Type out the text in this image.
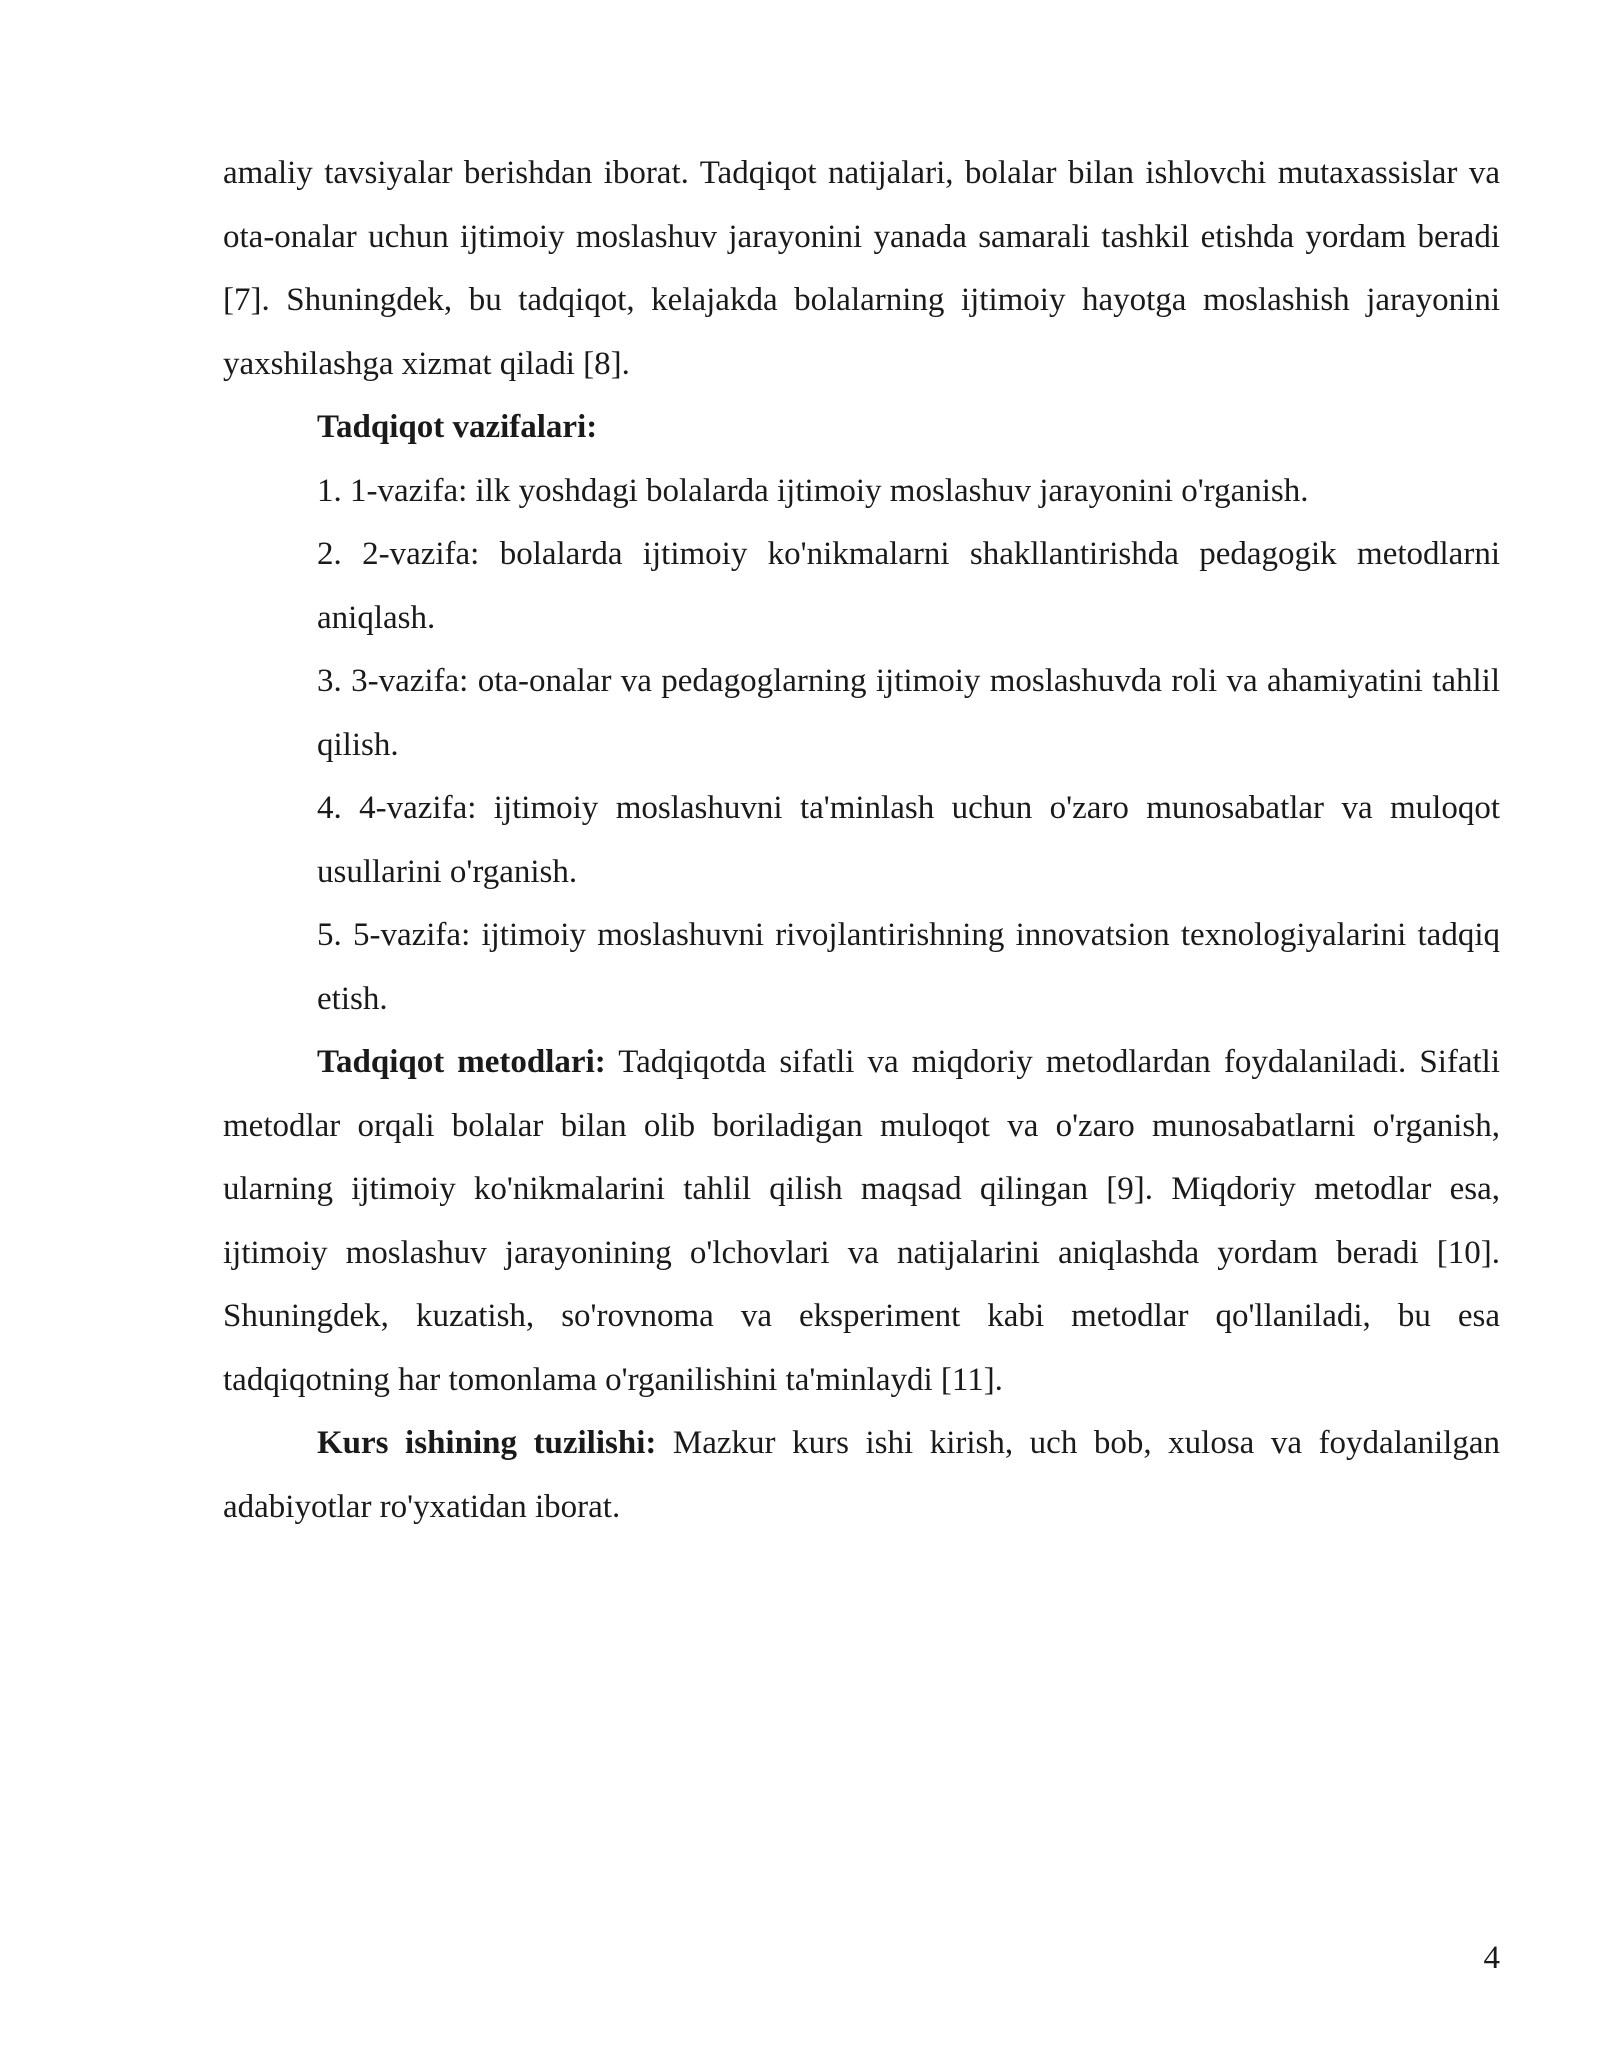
amaliy tavsiyalar berishdan iborat. Tadqiqot natijalari, bolalar bilan ishlovchi mutaxassislar va ota-onalar uchun ijtimoiy moslashuv jarayonini yanada samarali tashkil etishda yordam beradi [7]. Shuningdek, bu tadqiqot, kelajakda bolalarning ijtimoiy hayotga moslashish jarayonini yaxshilashga xizmat qiladi [8].

Tadqiqot vazifalari:

1. 1-vazifa: ilk yoshdagi bolalarda ijtimoiy moslashuv jarayonini o'rganish.

2. 2-vazifa: bolalarda ijtimoiy ko'nikmalarni shakllantirishda pedagogik metodlarni aniqlash.

3. 3-vazifa: ota-onalar va pedagoglarning ijtimoiy moslashuvda roli va ahamiyatini tahlil qilish.

4. 4-vazifa: ijtimoiy moslashuvni ta'minlash uchun o'zaro munosabatlar va muloqot usullarini o'rganish.

5. 5-vazifa: ijtimoiy moslashuvni rivojlantirishning innovatsion texnologiyalarini tadqiq etish.

Tadqiqot metodlari: Tadqiqotda sifatli va miqdoriy metodlardan foydalaniladi. Sifatli metodlar orqali bolalar bilan olib boriladigan muloqot va o'zaro munosabatlarni o'rganish, ularning ijtimoiy ko'nikmalarini tahlil qilish maqsad qilingan [9]. Miqdoriy metodlar esa, ijtimoiy moslashuv jarayonining o'lchovlari va natijalarini aniqlashda yordam beradi [10]. Shuningdek, kuzatish, so'rovnoma va eksperiment kabi metodlar qo'llaniladi, bu esa tadqiqotning har tomonlama o'rganilishini ta'minlaydi [11].

Kurs ishining tuzilishi: Mazkur kurs ishi kirish, uch bob, xulosa va foydalanilgan adabiyotlar ro'yxatidan iborat.

4
